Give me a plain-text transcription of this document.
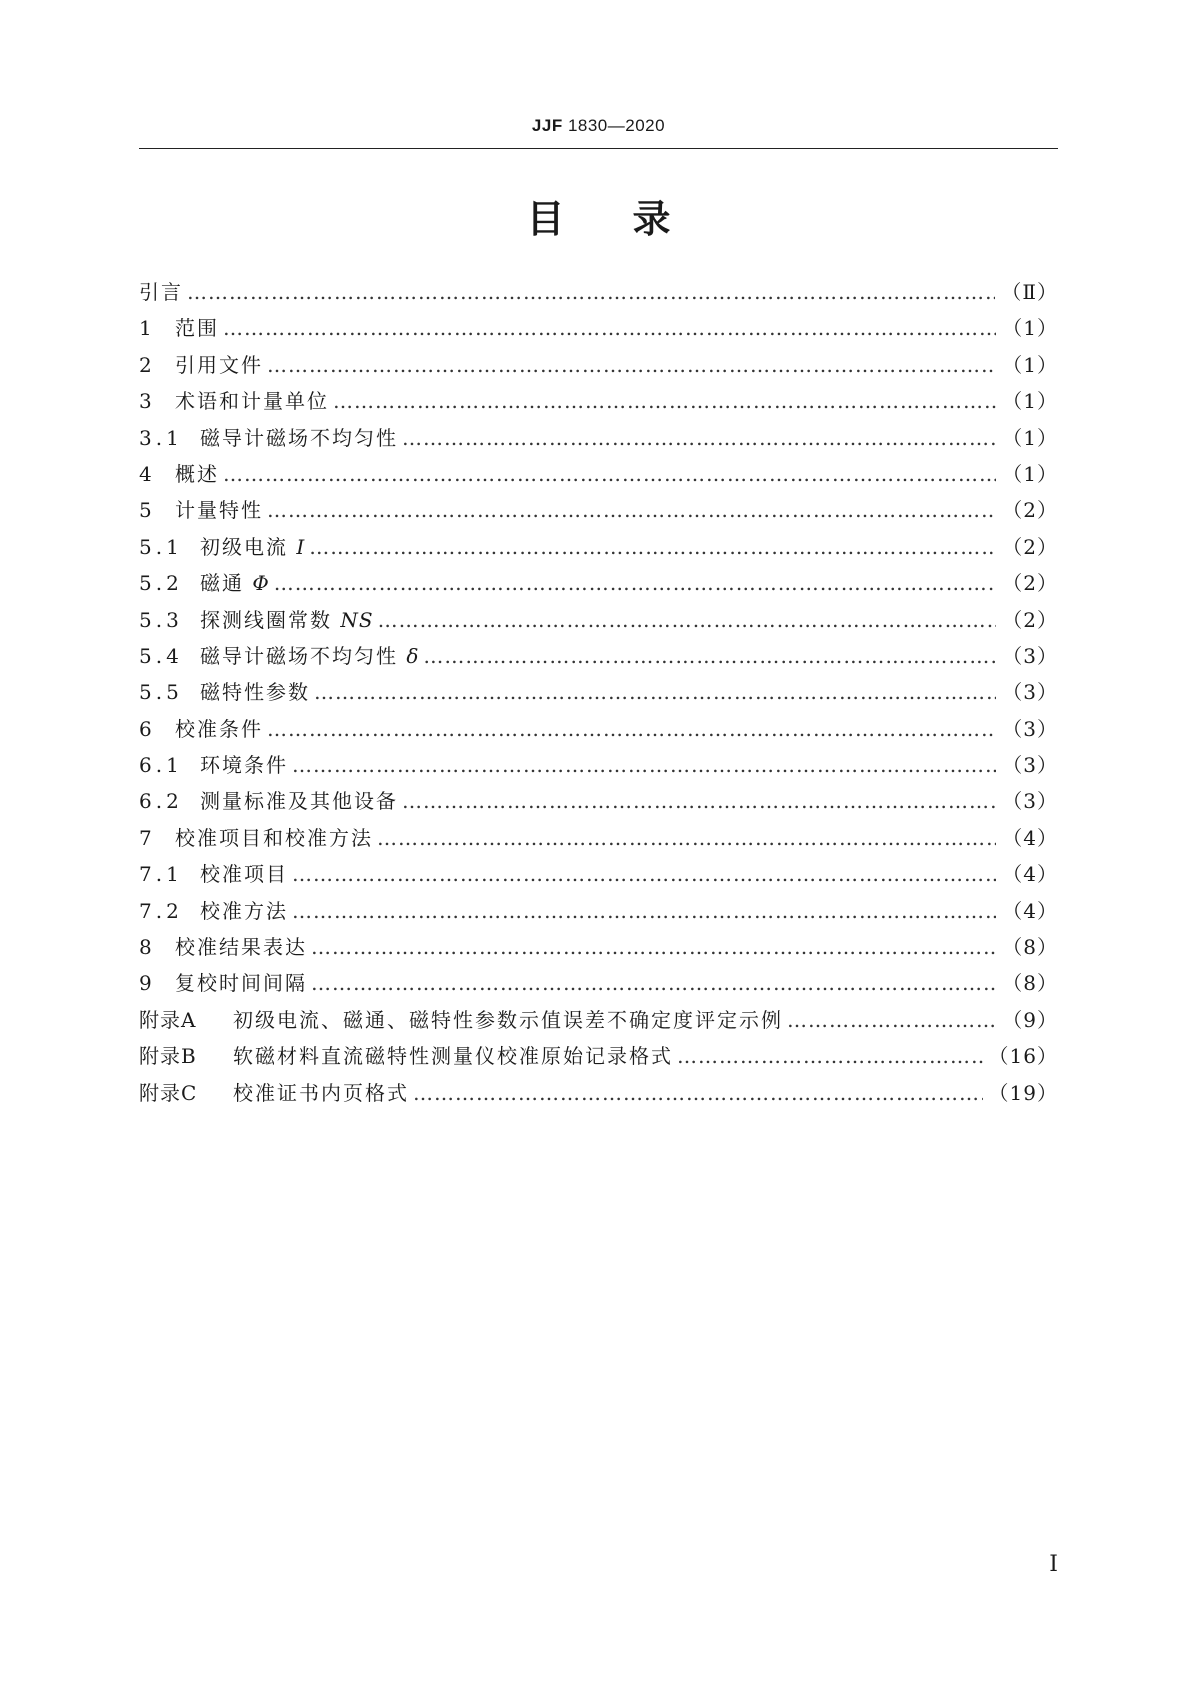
JJF 1830—2020
目录
引言 ………………………………………………………………………………………………………………………………………………………………	（Ⅱ）
1	范围 ………………………………………………………………………………………………………………………………………………………………	（1）
2	引用文件 ………………………………………………………………………………………………………………………………………………………………	（1）
3	术语和计量单位 ………………………………………………………………………………………………………………………………………………………………	（1）
3.1 磁导计磁场不均匀性 ………………………………………………………………………………………………………………………………………………………………	（1）
4	概述 ………………………………………………………………………………………………………………………………………………………………	（1）
5	计量特性 ………………………………………………………………………………………………………………………………………………………………	（2）
5.1 初级电流 I ………………………………………………………………………………………………………………………………………………………………	（2）
5.2 磁通 Φ ………………………………………………………………………………………………………………………………………………………………	（2）
5.3 探测线圈常数 NS ………………………………………………………………………………………………………………………………………………………………	（2）
5.4 磁导计磁场不均匀性 δ ………………………………………………………………………………………………………………………………………………………………	（3）
5.5 磁特性参数 ………………………………………………………………………………………………………………………………………………………………	（3）
6	校准条件 ………………………………………………………………………………………………………………………………………………………………	（3）
6.1 环境条件 ………………………………………………………………………………………………………………………………………………………………	（3）
6.2 测量标准及其他设备 ………………………………………………………………………………………………………………………………………………………………	（3）
7	校准项目和校准方法 ………………………………………………………………………………………………………………………………………………………………	（4）
7.1 校准项目 ………………………………………………………………………………………………………………………………………………………………	（4）
7.2 校准方法 ………………………………………………………………………………………………………………………………………………………………	（4）
8	校准结果表达 ………………………………………………………………………………………………………………………………………………………………	（8）
9	复校时间间隔 ………………………………………………………………………………………………………………………………………………………………	（8）
附录A	初级电流、磁通、磁特性参数示值误差不确定度评定示例 ………………………………………………………………………………………………………………………………………………………………	（9）
附录B	软磁材料直流磁特性测量仪校准原始记录格式 ………………………………………………………………………………………………………………………………………………………………	（16）
附录C	校准证书内页格式 ………………………………………………………………………………………………………………………………………………………………	（19）
Ⅰ
